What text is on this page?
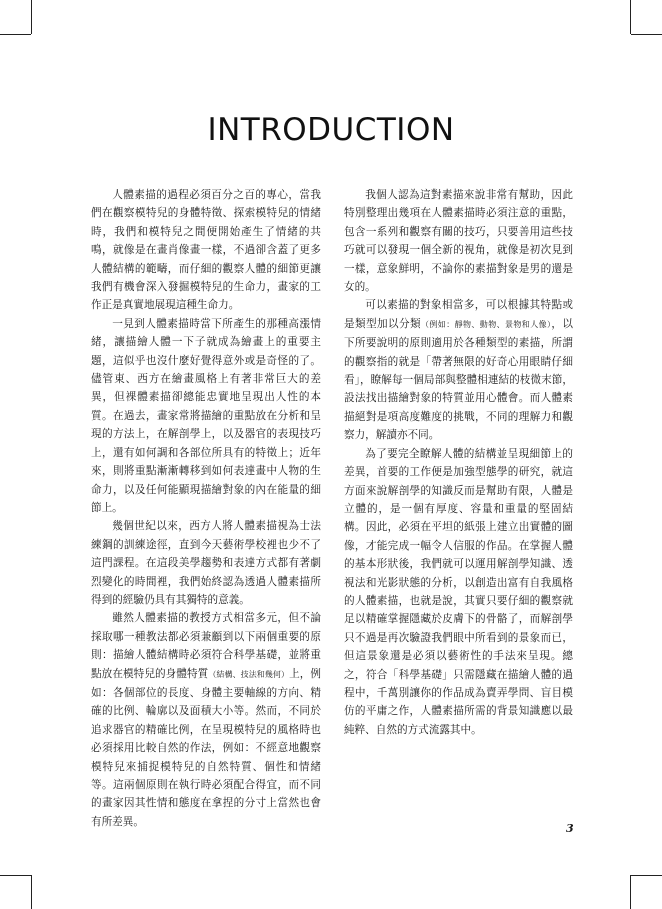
INTRODUCTION

人體素描的過程必須百分之百的專心，當我們在觀察模特兒的身體特徵、探索模特兒的情緒時，我們和模特兒之間便開始產生了情緒的共鳴，就像是在畫肖像畫一樣，不過卻含蓋了更多人體結構的範疇，而仔細的觀察人體的細節更讓我們有機會深入發掘模特兒的生命力，畫家的工作正是真實地展現這種生命力。

一見到人體素描時當下所產生的那種高漲情緒，讓描繪人體一下子就成為繪畫上的重要主題，這似乎也沒什麼好覺得意外或是奇怪的了。儘管東、西方在繪畫風格上有著非常巨大的差異，但裸體素描卻總能忠實地呈現出人性的本質。在過去，畫家常將描繪的重點放在分析和呈現的方法上，在解剖學上，以及器官的表現技巧上，還有如何調和各部位所具有的特徵上；近年來，則將重點漸漸轉移到如何表達畫中人物的生命力，以及任何能顯現描繪對象的內在能量的細節上。

幾個世紀以來，西方人將人體素描視為士法練鋼的訓練途徑，直到今天藝術學校裡也少不了這門課程。在這段美學趨勢和表達方式都有著劇烈變化的時間裡，我們始終認為透過人體素描所得到的經驗仍具有其獨特的意義。

雖然人體素描的教授方式相當多元，但不論採取哪一種教法都必須兼顧到以下兩個重要的原則：描繪人體結構時必須符合科學基礎，並將重點放在模特兒的身體特質（結構、技法和幾何）上，例如：各個部位的長度、身體主要軸線的方向、精確的比例、輪廓以及面積大小等。然而，不同於追求器官的精確比例，在呈現模特兒的風格時也必須採用比較自然的作法，例如：不經意地觀察模特兒來捕捉模特兒的自然特質、個性和情緒等。這兩個原則在執行時必須配合得宜，而不同的畫家因其性情和態度在拿捏的分寸上當然也會有所差異。

我個人認為這對素描來說非常有幫助，因此特別整理出幾項在人體素描時必須注意的重點，包含一系列和觀察有關的技巧，只要善用這些技巧就可以發現一個全新的視角，就像是初次見到一樣，意象鮮明，不論你的素描對象是男的還是女的。

可以素描的對象相當多，可以根據其特點或是類型加以分類（例如：靜物、動物、景物和人像），以下所要說明的原則適用於各種類型的素描，所謂的觀察指的就是「帶著無限的好奇心用眼睛仔細看」，瞭解每一個局部與整體相連結的枝微末節，設法找出描繪對象的特質並用心體會。而人體素描絕對是項高度難度的挑戰，不同的理解力和觀察力，解讀亦不同。

為了要完全瞭解人體的結構並呈現細節上的差異，首要的工作便是加強型態學的研究，就這方面來說解剖學的知識反而是幫助有限，人體是立體的，是一個有厚度、容量和重量的堅固結構。因此，必須在平坦的紙張上建立出實體的圖像，才能完成一幅令人信服的作品。在掌握人體的基本形狀後，我們就可以運用解剖學知識、透視法和光影狀態的分析，以創造出富有自我風格的人體素描，也就是說，其實只要仔細的觀察就足以精確掌握隱藏於皮膚下的骨骼了，而解剖學只不過是再次驗證我們眼中所看到的景象而已，但這景象還是必須以藝術性的手法來呈現。總之，符合「科學基礎」只需隱藏在描繪人體的過程中，千萬別讓你的作品成為賣弄學問、盲目模仿的平庸之作，人體素描所需的背景知識應以最純粹、自然的方式流露其中。

3
